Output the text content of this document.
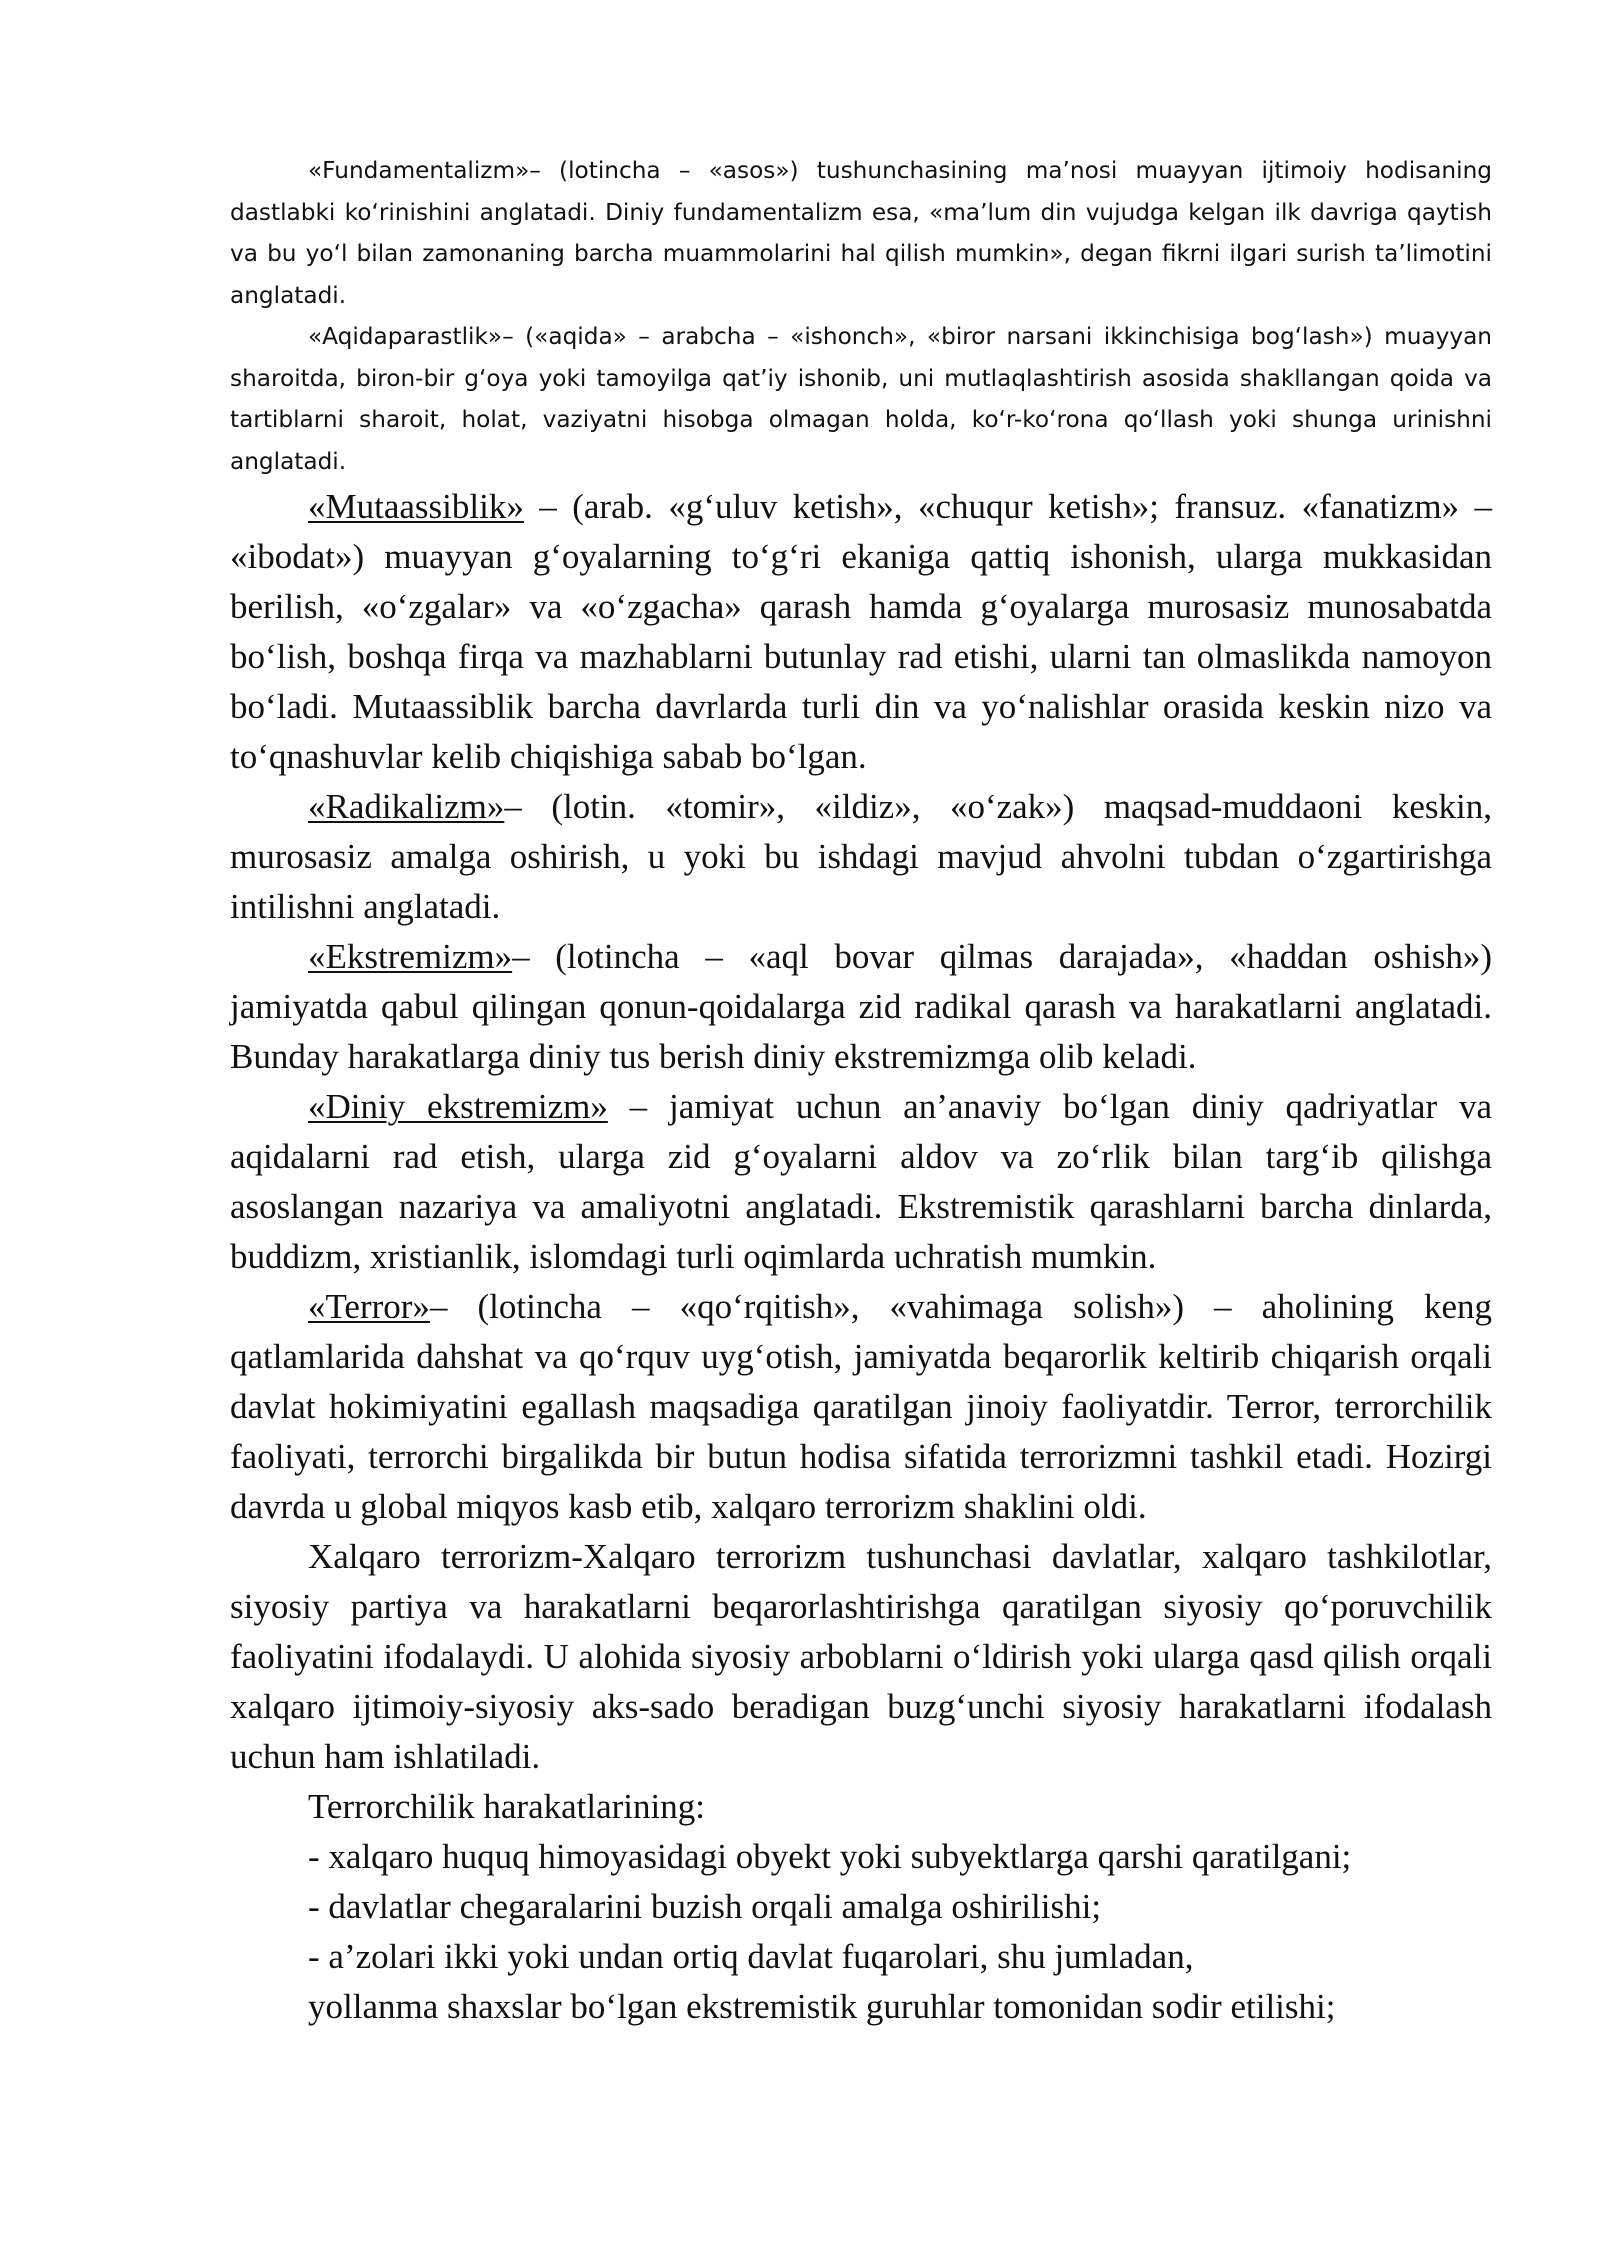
«Fundamentalizm»– (lotincha – «asos») tushunchasining ma’nosi muayyan ijtimoiy hodisaning dastlabki ko‘rinishini anglatadi. Diniy fundamentalizm esa, «ma’lum din vujudga kelgan ilk davriga qaytish va bu yo‘l bilan zamonaning barcha muammolarini hal qilish mumkin», degan fikrni ilgari surish ta’limotini anglatadi.

«Aqidaparastlik»– («aqida» – arabcha – «ishonch», «biror narsani ikkinchisiga bog‘lash») muayyan sharoitda, biron-bir g‘oya yoki tamoyilga qat’iy ishonib, uni mutlaqlashtirish asosida shakllangan qoida va tartiblarni sharoit, holat, vaziyatni hisobga olmagan holda, ko‘r-ko‘rona qo‘llash yoki shunga urinishni anglatadi.

«Mutaassiblik» – (arab. «g‘uluv ketish», «chuqur ketish»; fransuz. «fanatizm» – «ibodat») muayyan g‘oyalarning to‘g‘ri ekaniga qattiq ishonish, ularga mukkasidan berilish, «o‘zgalar» va «o‘zgacha» qarash hamda g‘oyalarga murosasiz munosabatda bo‘lish, boshqa firqa va mazhablarni butunlay rad etishi, ularni tan olmaslikda namoyon bo‘ladi. Mutaassiblik barcha davrlarda turli din va yo‘nalishlar orasida keskin nizo va to‘qnashuvlar kelib chiqishiga sabab bo‘lgan.

«Radikalizm»– (lotin. «tomir», «ildiz», «o‘zak») maqsad-muddaoni keskin, murosasiz amalga oshirish, u yoki bu ishdagi mavjud ahvolni tubdan o‘zgartirishga intilishni anglatadi.

«Ekstremizm»– (lotincha – «aql bovar qilmas darajada», «haddan oshish») jamiyatda qabul qilingan qonun-qoidalarga zid radikal qarash va harakatlarni anglatadi. Bunday harakatlarga diniy tus berish diniy ekstremizmga olib keladi.

«Diniy ekstremizm» – jamiyat uchun an’anaviy bo‘lgan diniy qadriyatlar va aqidalarni rad etish, ularga zid g‘oyalarni aldov va zo‘rlik bilan targ‘ib qilishga asoslangan nazariya va amaliyotni anglatadi. Ekstremistik qarashlarni barcha dinlarda, buddizm, xristianlik, islomdagi turli oqimlarda uchratish mumkin.

«Terror»– (lotincha – «qo‘rqitish», «vahimaga solish») – aholining keng qatlamlarida dahshat va qo‘rquv uyg‘otish, jamiyatda beqarorlik keltirib chiqarish orqali davlat hokimiyatini egallash maqsadiga qaratilgan jinoiy faoliyatdir. Terror, terrorchilik faoliyati, terrorchi birgalikda bir butun hodisa sifatida terrorizmni tashkil etadi. Hozirgi davrda u global miqyos kasb etib, xalqaro terrorizm shaklini oldi.

Xalqaro terrorizm-Xalqaro terrorizm tushunchasi davlatlar, xalqaro tashkilotlar, siyosiy partiya va harakatlarni beqarorlashtirishga qaratilgan siyosiy qo‘poruvchilik faoliyatini ifodalaydi. U alohida siyosiy arboblarni o‘ldirish yoki ularga qasd qilish orqali xalqaro ijtimoiy-siyosiy aks-sado beradigan buzg‘unchi siyosiy harakatlarni ifodalash uchun ham ishlatiladi.

Terrorchilik harakatlarining:

- xalqaro huquq himoyasidagi obyekt yoki subyektlarga qarshi qaratilgani;

- davlatlar chegaralarini buzish orqali amalga oshirilishi;

- a’zolari ikki yoki undan ortiq davlat fuqarolari, shu jumladan,

yollanma shaxslar bo‘lgan ekstremistik guruhlar tomonidan sodir etilishi;
